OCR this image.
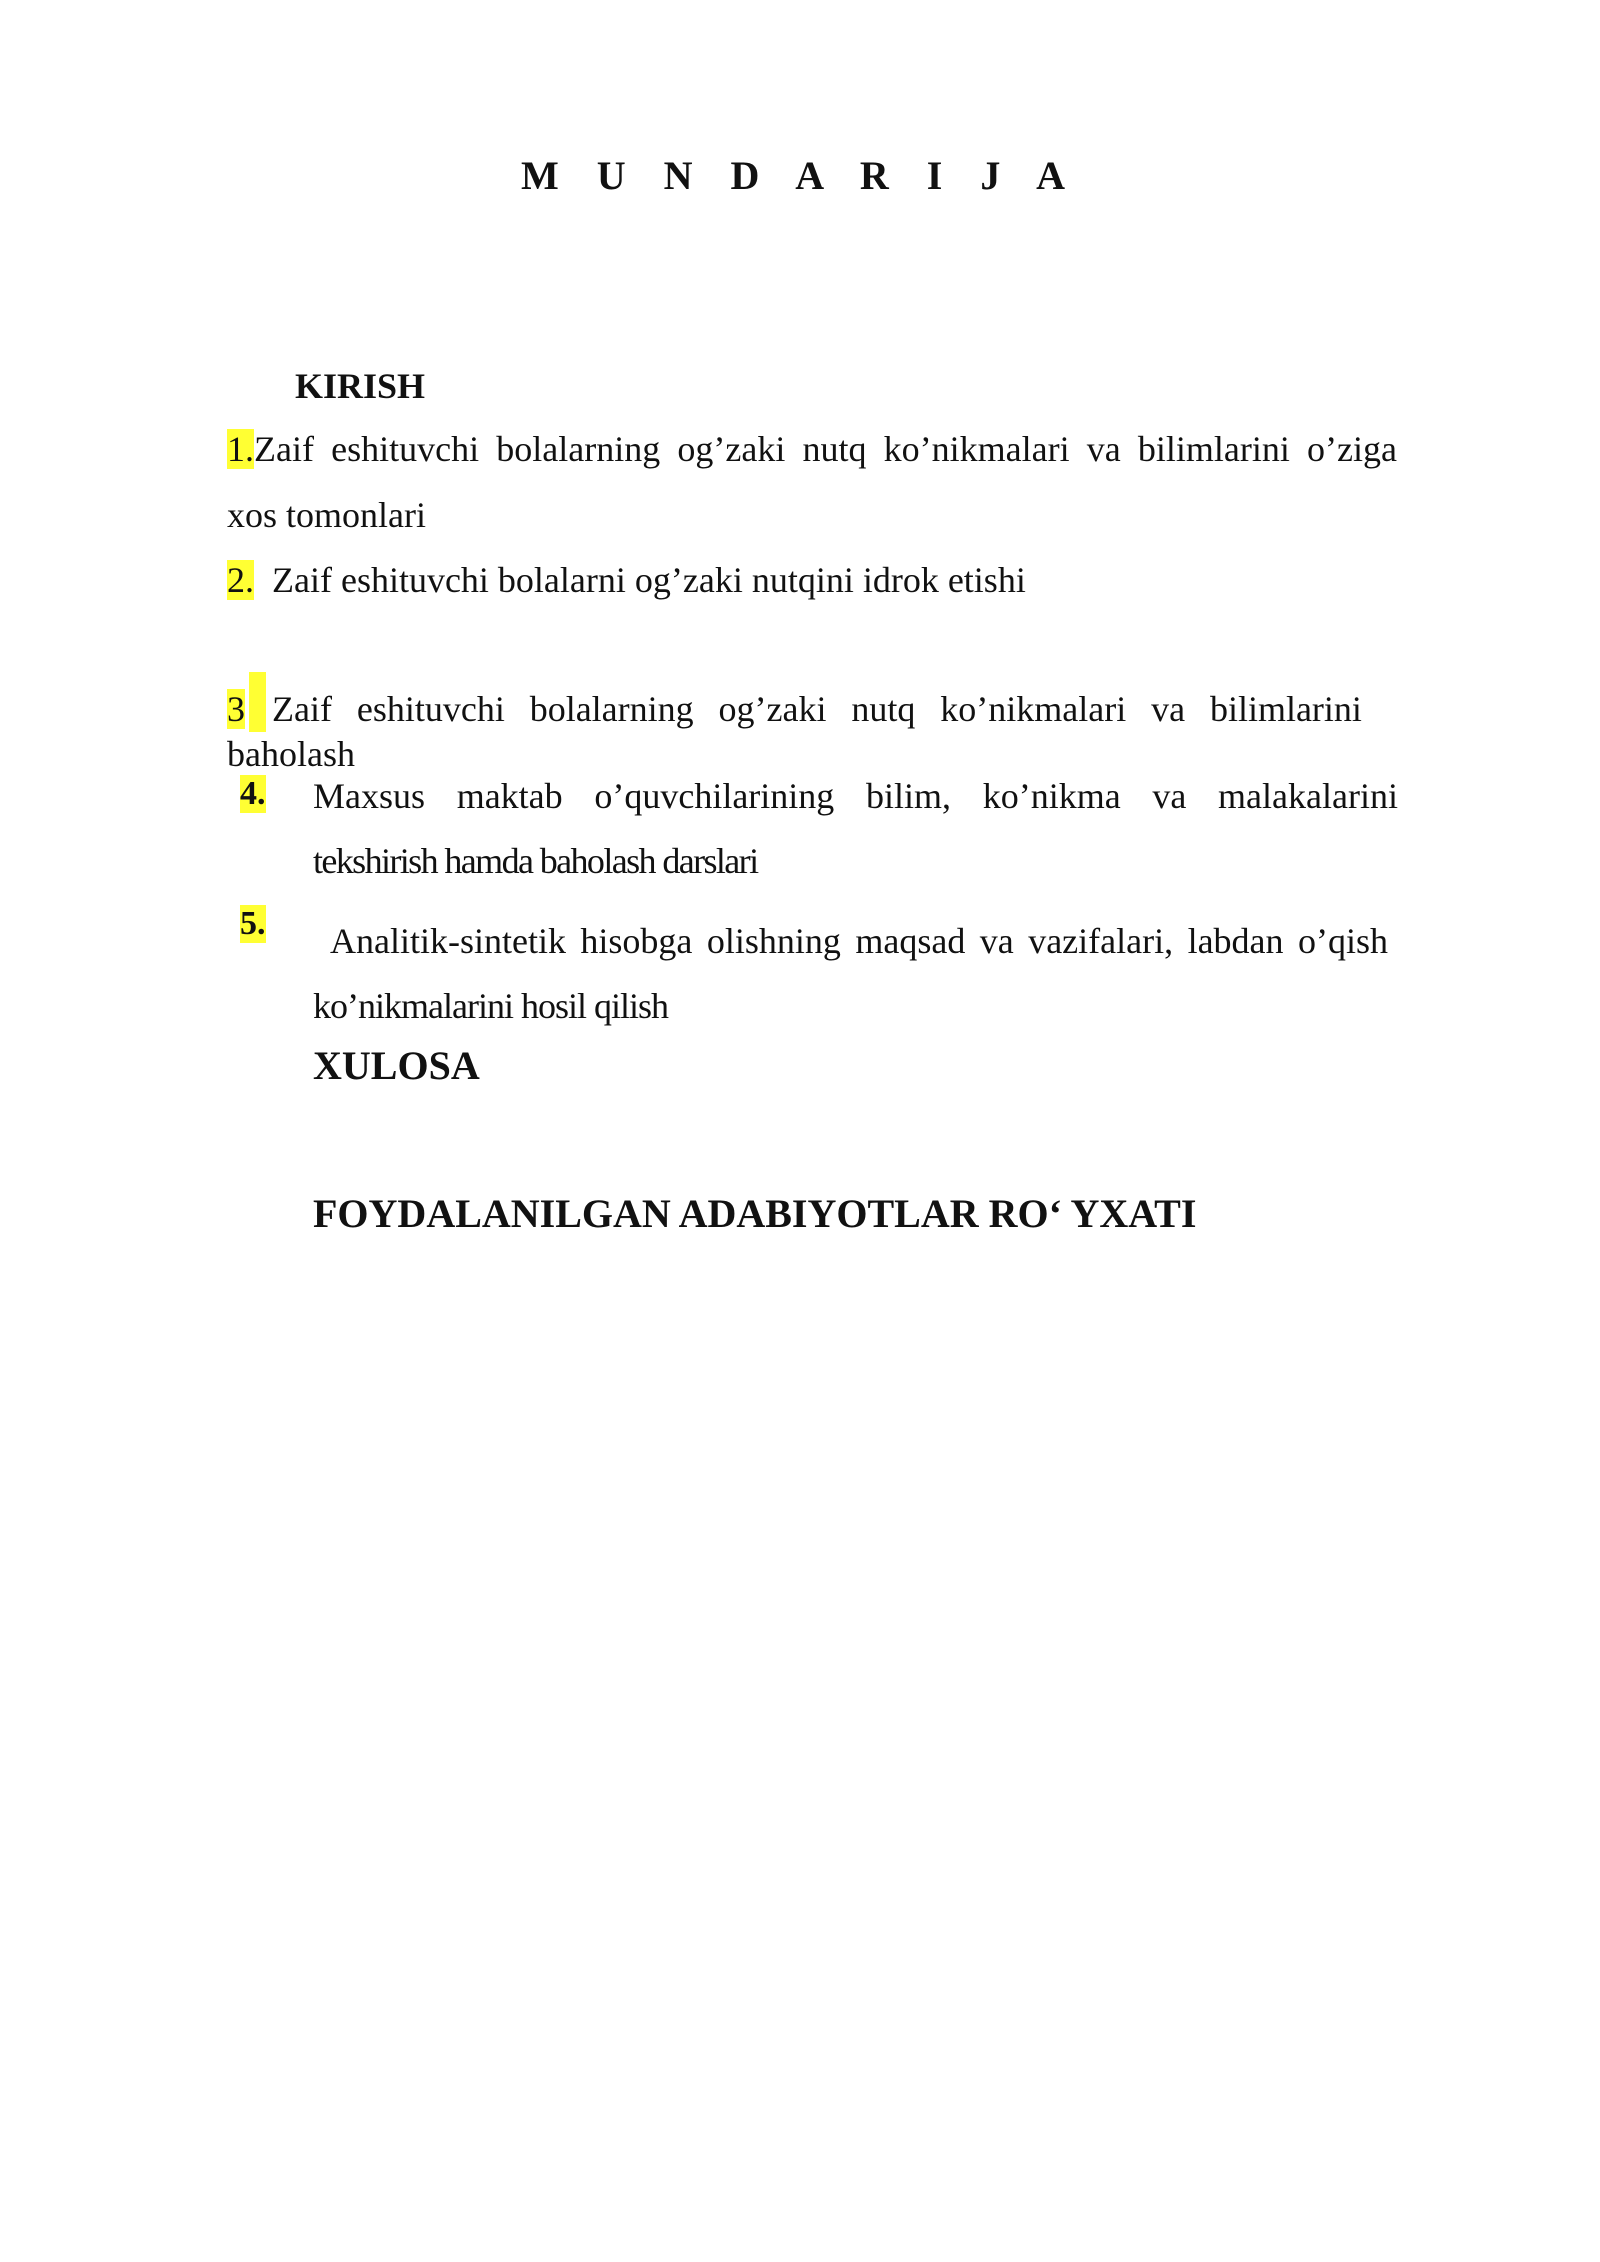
M U N D A R I J A
KIRISH
1.Zaif eshituvchi bolalarning og’zaki nutq ko’nikmalari va bilimlarini o’ziga
xos tomonlari
2. Zaif eshituvchi bolalarni og’zaki nutqini idrok etishi
3 Zaif eshituvchi bolalarning og’zaki nutq ko’nikmalari va bilimlarini
baholash
4. Maxsus maktab o’quvchilarining bilim, ko’nikma va malakalarini
tekshirish hamda baholash darslari
5. Analitik-sintetik hisobga olishning maqsad va vazifalari, labdan o’qish
ko’nikmalarini hosil qilish
XULOSA
FOYDALANILGAN ADABIYOTLAR RO‘ YXATI
